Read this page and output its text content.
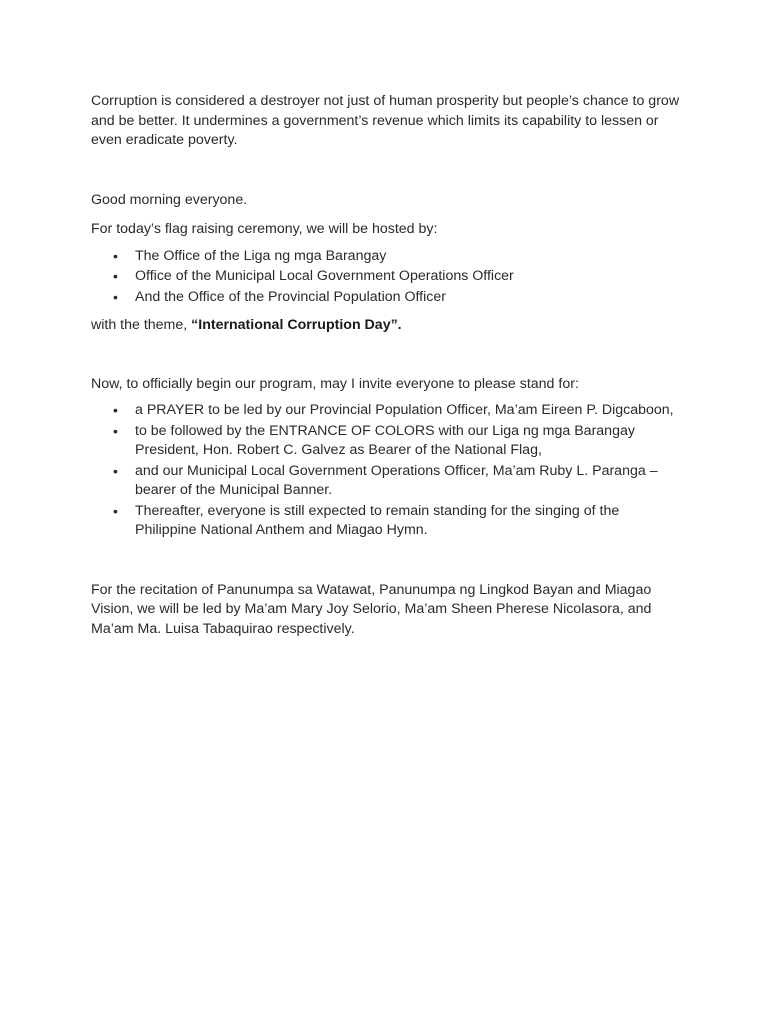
Corruption is considered a destroyer not just of human prosperity but people’s chance to grow and be better. It undermines a government’s revenue which limits its capability to lessen or even eradicate poverty.

Good morning everyone.

For today’s flag raising ceremony, we will be hosted by:

• The Office of the Liga ng mga Barangay
• Office of the Municipal Local Government Operations Officer
• And the Office of the Provincial Population Officer

with the theme, “International Corruption Day”.

Now, to officially begin our program, may I invite everyone to please stand for:

• a PRAYER to be led by our Provincial Population Officer, Ma’am Eireen P. Digcaboon,
• to be followed by the ENTRANCE OF COLORS with our Liga ng mga Barangay President, Hon. Robert C. Galvez as Bearer of the National Flag,
• and our Municipal Local Government Operations Officer, Ma’am Ruby L. Paranga – bearer of the Municipal Banner.
• Thereafter, everyone is still expected to remain standing for the singing of the Philippine National Anthem and Miagao Hymn.

For the recitation of Panunumpa sa Watawat, Panunumpa ng Lingkod Bayan and Miagao Vision, we will be led by Ma’am Mary Joy Selorio, Ma’am Sheen Pherese Nicolasora, and Ma’am Ma. Luisa Tabaquirao respectively.
